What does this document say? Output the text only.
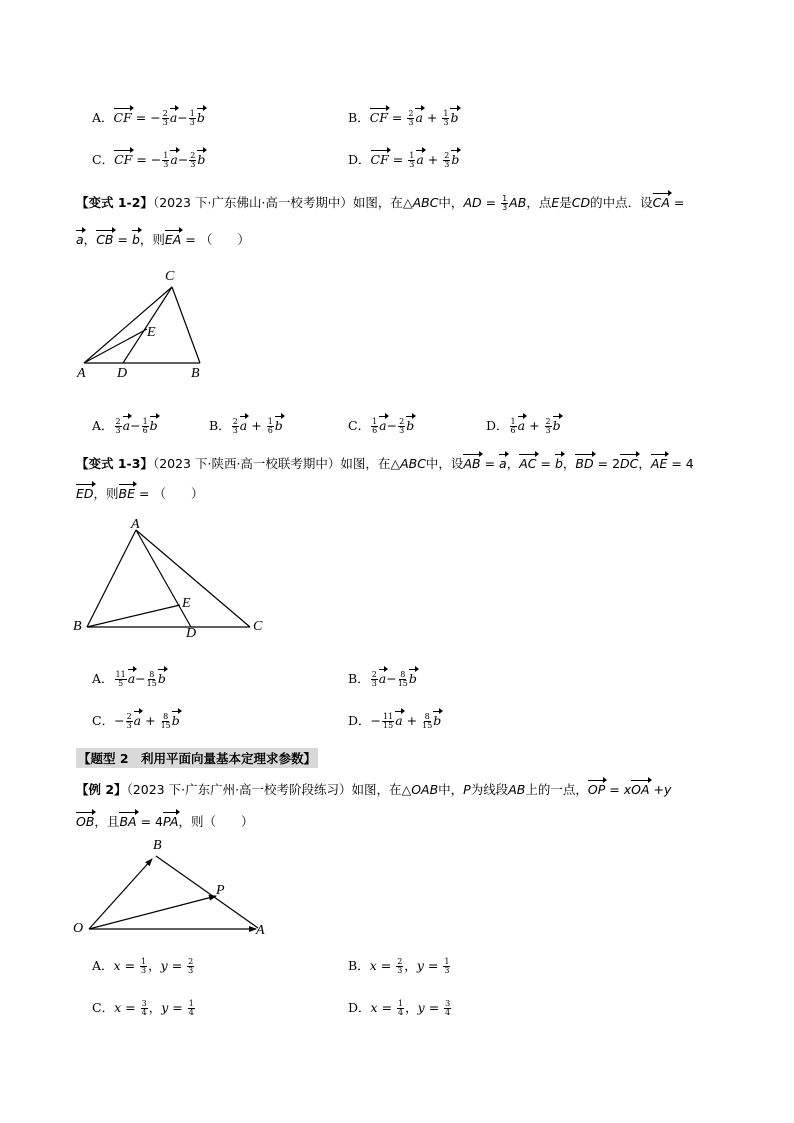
A．CF = − $\frac{2}{3} a- \frac{1}{3}$ b	B．CF = $\frac{2}{3}$ $a + \frac{1}{3}$ b
C．CF = − $\frac{1}{3} a- \frac{2}{3}$ b	D．CF = $\frac{1}{3}$ $a + \frac{2}{3}$ b
【变式 1-2】（2023 下·广东佛山·高一校考期中）如图，在△ABC中，AD = $\frac{1}{3}$ AB，点E是CD的中点．设CA =
a，CB = b，则EA = （　　）
C
E
A D	B
A． $\frac{2}{3} a- \frac{1}{6}$ b	B． $\frac{2}{3}$ $a + \frac{1}{6}$ b	C． $\frac{1}{6} a- \frac{2}{3}$ b	D． $\frac{1}{6}$ $a + \frac{2}{3}$ b
【变式 1-3】（2023 下·陕西·高一校联考期中）如图，在△ABC中，设AB = a，AC = b，BD = 2DC，AE = 4
ED，则BE = （　　）
A
E
B	D	C
A． $\frac{11}{5} a- \frac{8}{15}$ b	B． $\frac{2}{3} a- \frac{8}{15}$ b
C．− $\frac{2}{3}$ $a + \frac{8}{15}$ b	D．− $\frac{11}{15}$ $a + \frac{8}{15}$ b
【题型 2　利用平面向量基本定理求参数】
【例 2】（2023 下·广东广州·高一校考阶段练习）如图，在△OAB中，P为线段AB上的一点，OP = xOA +y
OB，且BA = 4PA，则（　　）
B
P
O	A
A．$x = \frac{1}{3}$ ，$y = \frac{2}{3}$	B．$x = \frac{2}{3}$ ，$y = \frac{1}{3}$
C．$x = \frac{3}{4}$ ，$y = \frac{1}{4}$	D．$x = \frac{1}{4}$ ，$y = \frac{3}{4}$
